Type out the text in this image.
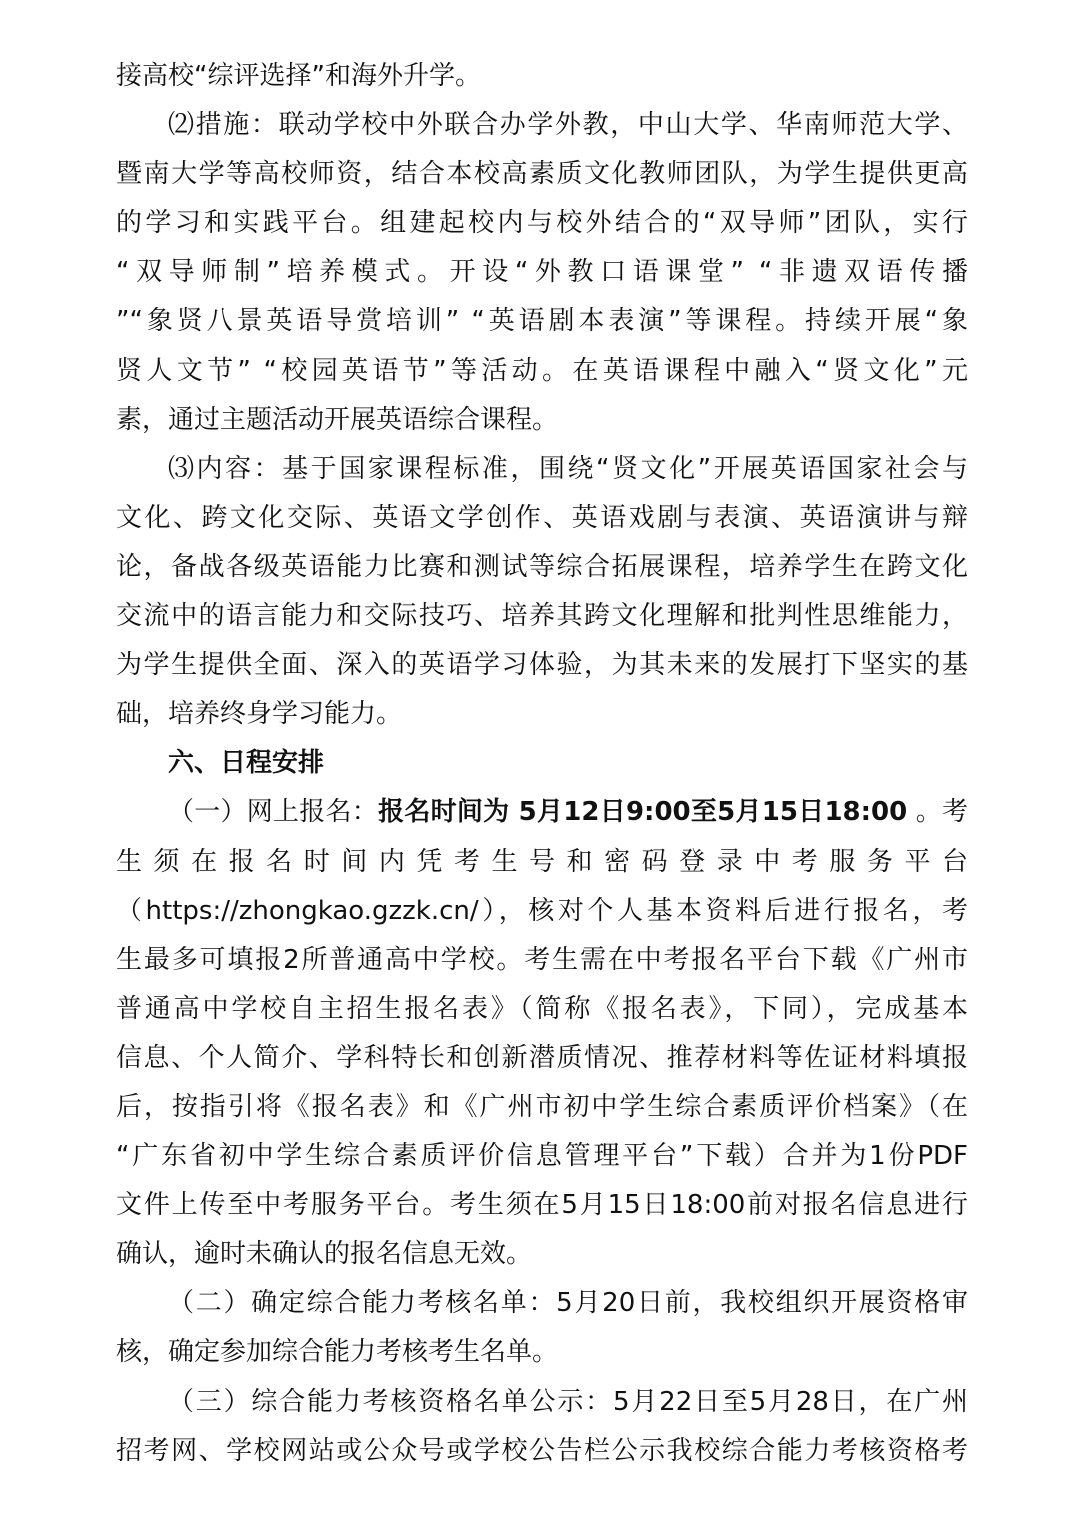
接高校“综评选择”和海外升学。
⑵措施：联动学校中外联合办学外教，中山大学、华南师范大学、
暨南大学等高校师资，结合本校高素质文化教师团队，为学生提供更高
的学习和实践平台。组建起校内与校外结合的“双导师”团队，实行
“双导师制”培养模式。开设“外教口语课堂” “非遗双语传播
”“象贤八景英语导赏培训” “英语剧本表演”等课程。持续开展“象
贤人文节” “校园英语节”等活动。在英语课程中融入“贤文化”元
素，通过主题活动开展英语综合课程。
⑶内容：基于国家课程标准，围绕“贤文化”开展英语国家社会与
文化、跨文化交际、英语文学创作、英语戏剧与表演、英语演讲与辩
论，备战各级英语能力比赛和测试等综合拓展课程，培养学生在跨文化
交流中的语言能力和交际技巧、培养其跨文化理解和批判性思维能力，
为学生提供全面、深入的英语学习体验，为其未来的发展打下坚实的基
础，培养终身学习能力。
六、日程安排
（一）网上报名：报名时间为 5月12日9:00至5月15日18:00 。考
生须在报名时间内凭考生号和密码登录中考服务平台
（https://zhongkao.gzzk.cn/），核对个人基本资料后进行报名，考
生最多可填报2所普通高中学校。考生需在中考报名平台下载《广州市
普通高中学校自主招生报名表》（简称《报名表》，下同），完成基本
信息、个人简介、学科特长和创新潜质情况、推荐材料等佐证材料填报
后，按指引将《报名表》和《广州市初中学生综合素质评价档案》（在
“广东省初中学生综合素质评价信息管理平台”下载）合并为1份PDF
文件上传至中考服务平台。考生须在5月15日18:00前对报名信息进行
确认，逾时未确认的报名信息无效。
（二）确定综合能力考核名单：5月20日前，我校组织开展资格审
核，确定参加综合能力考核考生名单。
（三）综合能力考核资格名单公示：5月22日至5月28日，在广州
招考网、学校网站或公众号或学校公告栏公示我校综合能力考核资格考
